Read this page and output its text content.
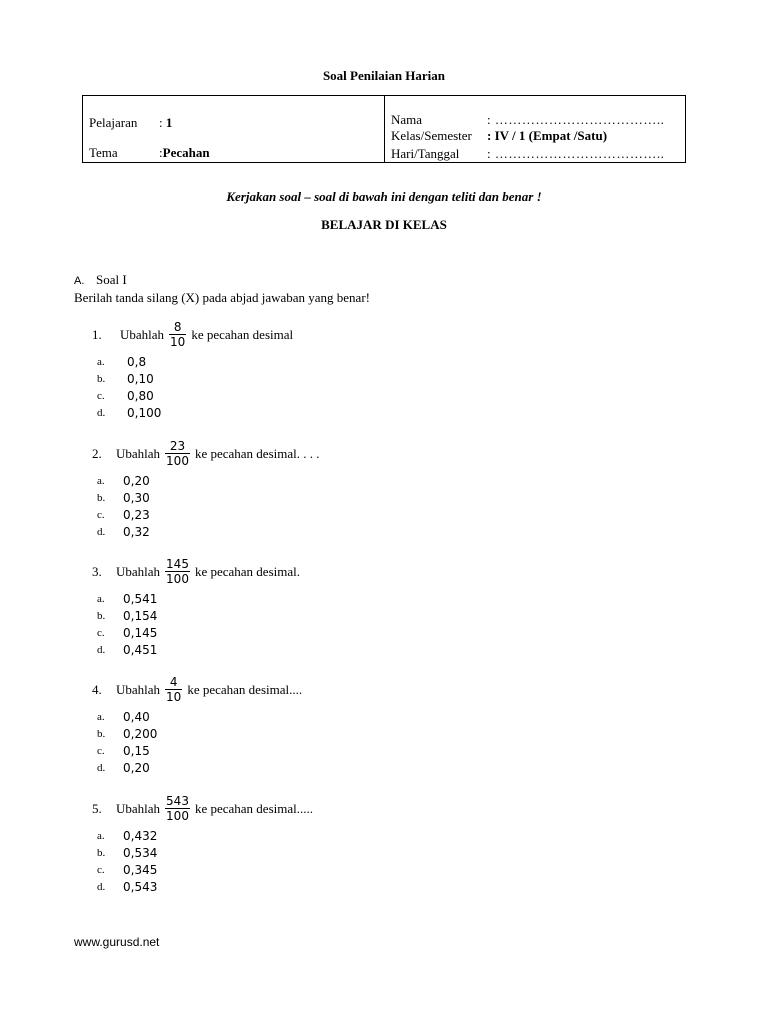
Soal Penilaian Harian
Pelajaran : 1
Tema	:Pecahan
Nama	: ………………………………..
Kelas/Semester : IV / 1 (Empat /Satu)
Hari/Tanggal : ………………………………..
Kerjakan soal – soal di bawah ini dengan teliti dan benar !
BELAJAR DI KELAS
A. Soal I
Berilah tanda silang (X) pada abjad jawaban yang benar!
1.	Ubahlah $\frac{8}{10}$ ke pecahan desimal
a. 0,8
b. 0,10
c. 0,80
d. 0,100
2.	Ubahlah $\frac{23}{100}$ ke pecahan desimal. . . .
a. 0,20
b. 0,30
c. 0,23
d. 0,32
3.	Ubahlah $\frac{145}{100}$ ke pecahan desimal.
a. 0,541
b. 0,154
c. 0,145
d. 0,451
4.	Ubahlah $\frac{4}{10}$ ke pecahan desimal....
a. 0,40
b. 0,200
c. 0,15
d. 0,20
5.	Ubahlah $\frac{543}{100}$ ke pecahan desimal.....
a. 0,432
b. 0,534
c. 0,345
d. 0,543
www.gurusd.net
